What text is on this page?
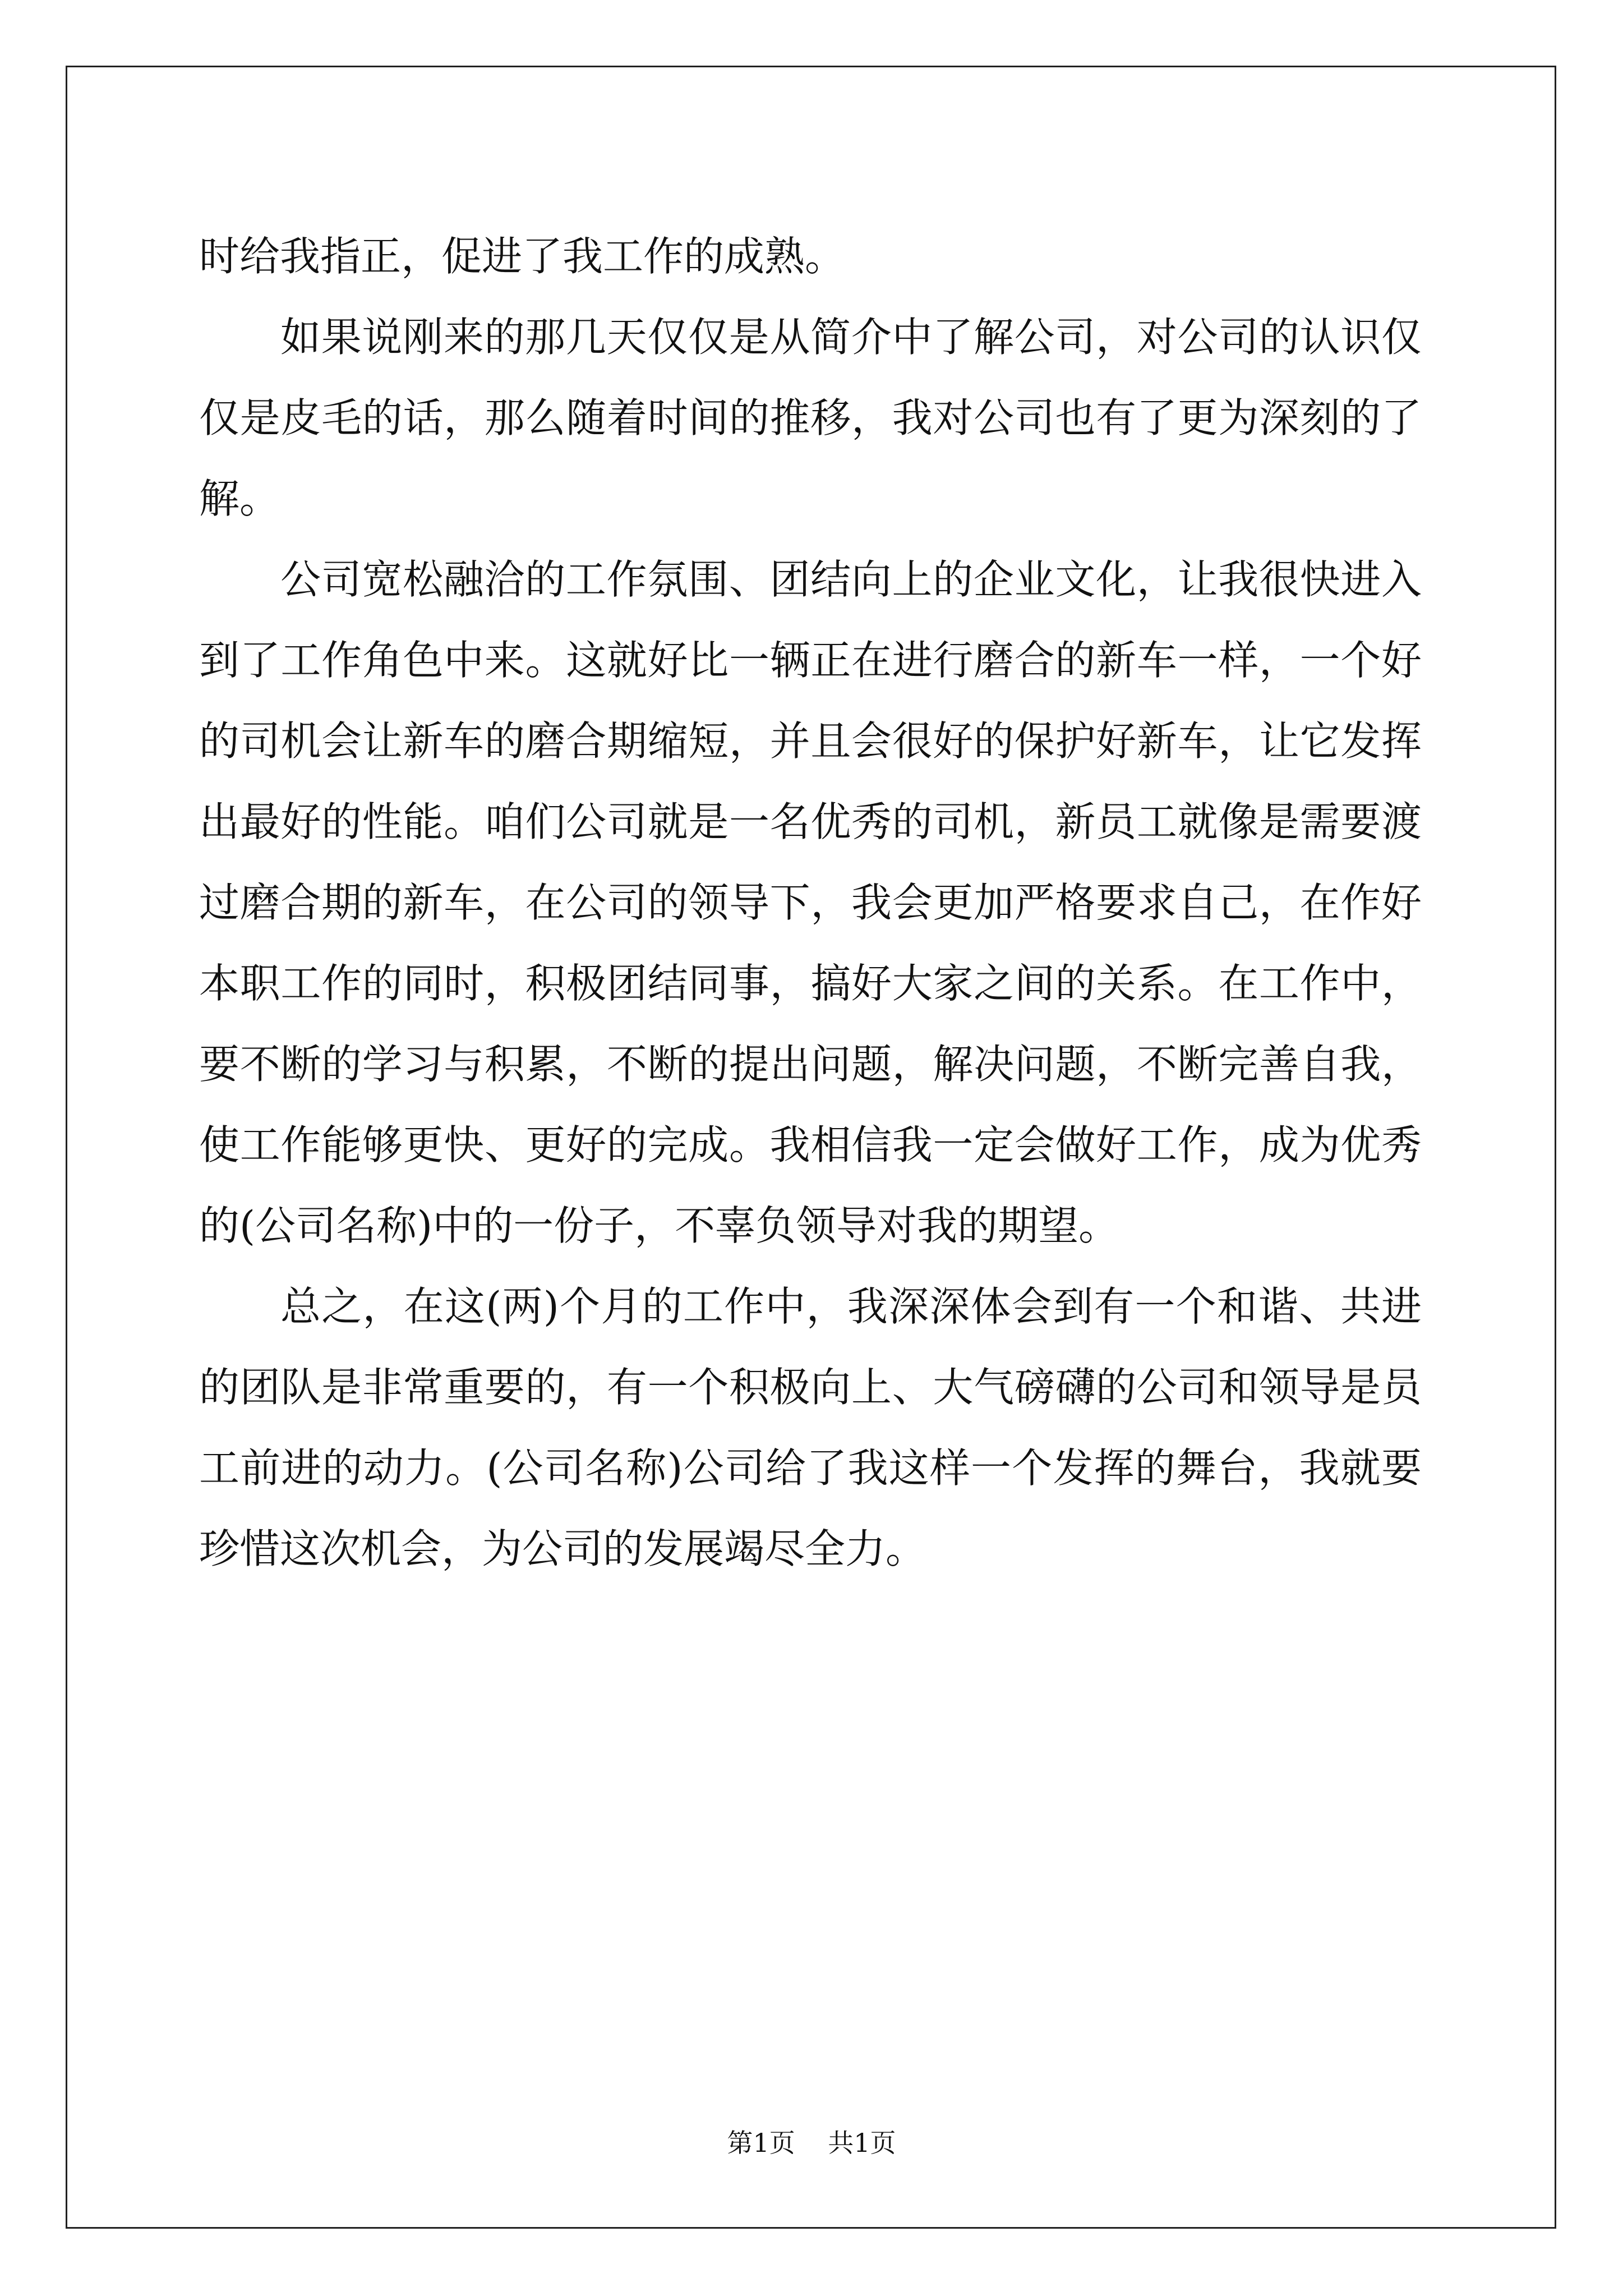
时给我指正，促进了我工作的成熟。
如果说刚来的那几天仅仅是从简介中了解公司，对公司的认识仅
仅是皮毛的话，那么随着时间的推移，我对公司也有了更为深刻的了
解。
公司宽松融洽的工作氛围、团结向上的企业文化，让我很快进入
到了工作角色中来。这就好比一辆正在进行磨合的新车一样，一个好
的司机会让新车的磨合期缩短，并且会很好的保护好新车，让它发挥
出最好的性能。咱们公司就是一名优秀的司机，新员工就像是需要渡
过磨合期的新车，在公司的领导下，我会更加严格要求自己，在作好
本职工作的同时，积极团结同事，搞好大家之间的关系。在工作中，
要不断的学习与积累，不断的提出问题，解决问题，不断完善自我，
使工作能够更快、更好的完成。我相信我一定会做好工作，成为优秀
的(公司名称)中的一份子，不辜负领导对我的期望。
总之，在这(两)个月的工作中，我深深体会到有一个和谐、共进
的团队是非常重要的，有一个积极向上、大气磅礴的公司和领导是员
工前进的动力。(公司名称)公司给了我这样一个发挥的舞台，我就要
珍惜这次机会，为公司的发展竭尽全力。
第1页 共1页
